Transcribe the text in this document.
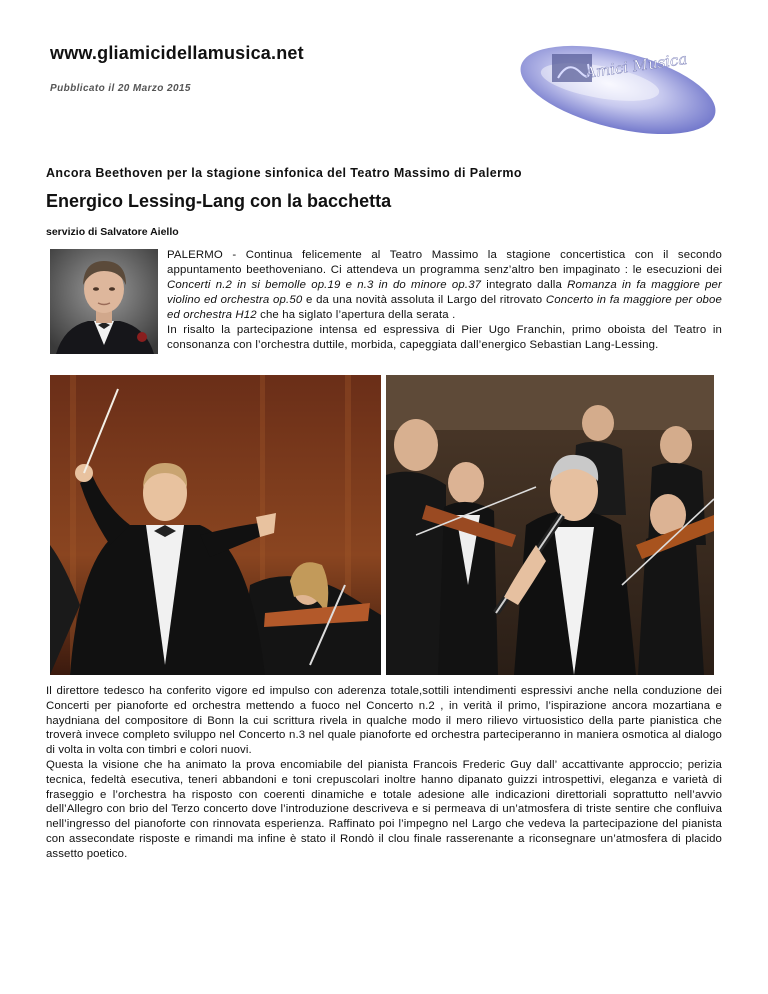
www.gliamicidellamusica.net
Pubblicato il 20 Marzo 2015
Amici Musica
Ancora Beethoven per la stagione sinfonica del Teatro Massimo di Palermo
Energico Lessing-Lang con la bacchetta
servizio di Salvatore Aiello

PALERMO - Continua felicemente al Teatro Massimo la stagione concertistica con il secondo appuntamento beethoveniano. Ci attendeva un programma senz’altro ben impaginato : le esecuzioni dei Concerti n.2 in si bemolle op.19 e n.3 in do minore op.37 integrato dalla Romanza in fa maggiore per violino ed orchestra op.50 e da una novità assoluta il Largo del ritrovato Concerto in fa maggiore per oboe ed orchestra H12 che ha siglato l’apertura della serata .

In risalto la partecipazione intensa ed espressiva di Pier Ugo Franchin, primo oboista del Teatro in consonanza con l’orchestra duttile, morbida, capeggiata dall’energico Sebastian Lang-Lessing.

Il direttore tedesco ha conferito vigore ed impulso con aderenza totale,sottili intendimenti espressivi anche nella conduzione dei Concerti per pianoforte ed orchestra mettendo a fuoco nel Concerto n.2 , in verità il primo, l’ispirazione ancora mozartiana e haydniana del compositore di Bonn la cui scrittura rivela in qualche modo il mero rilievo virtuosistico della parte pianistica che troverà invece completo sviluppo nel Concerto n.3 nel quale pianoforte ed orchestra parteciperanno in maniera osmotica al dialogo di volta in volta con timbri e colori nuovi.

Questa la visione che ha animato la prova encomiabile del pianista Francois Frederic Guy dall’ accattivante approccio; perizia tecnica, fedeltà esecutiva, teneri abbandoni e toni crepuscolari inoltre hanno dipanato guizzi introspettivi, eleganza e varietà di fraseggio e l’orchestra ha risposto con coerenti dinamiche e totale adesione alle indicazioni direttoriali soprattutto nell’avvio dell’Allegro con brio del Terzo concerto dove l’introduzione descriveva e si permeava di un’atmosfera di triste sentire che confluiva nell’ingresso del pianoforte con rinnovata esperienza. Raffinato poi l’impegno nel Largo che vedeva la partecipazione del pianista con assecondate risposte e rimandi ma infine è stato il Rondò il clou finale rasserenante a riconsegnare un’atmosfera di placido assetto poetico.
